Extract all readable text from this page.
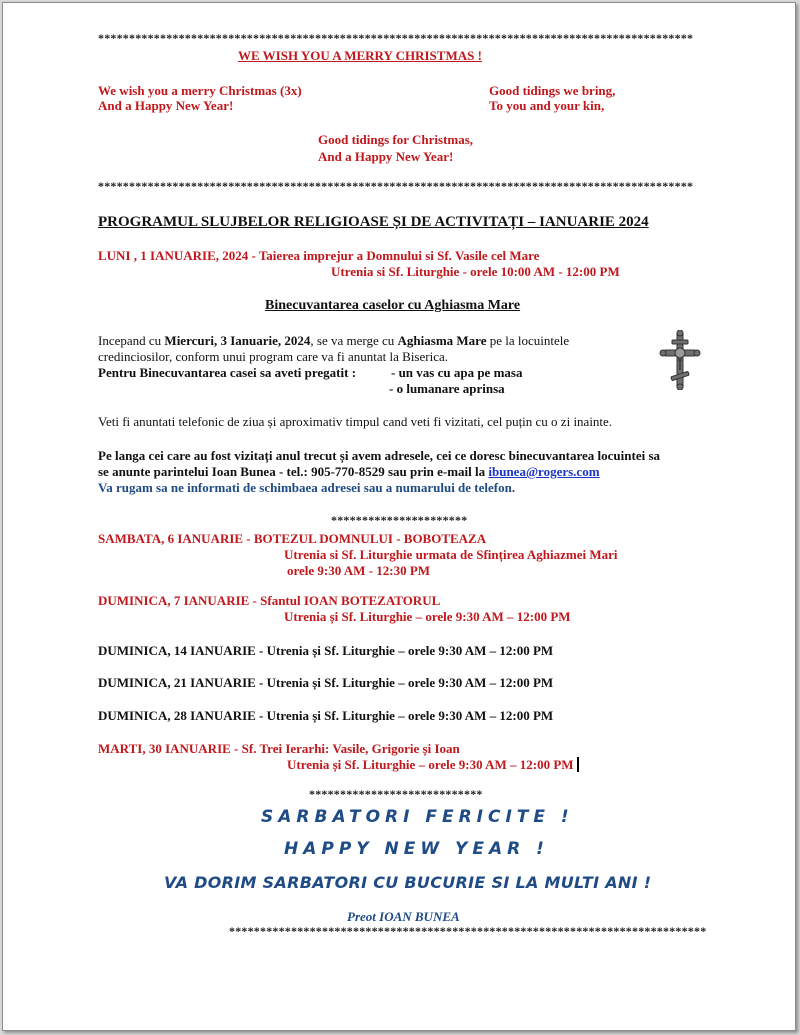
************************************************************************************************
WE WISH YOU A MERRY CHRISTMAS !
We wish you a merry Christmas (3x)
And a Happy New Year!
Good tidings we bring,
To you and your kin,
Good tidings for Christmas,
And a Happy New Year!
************************************************************************************************
PROGRAMUL SLUJBELOR RELIGIOASE ȘI DE ACTIVITAȚI – IANUARIE 2024
LUNI , 1 IANUARIE, 2024 - Taierea imprejur a Domnului si Sf. Vasile cel Mare
Utrenia si Sf. Liturghie - orele 10:00 AM - 12:00 PM
Binecuvantarea caselor cu Aghiasma Mare
Incepand cu Miercuri, 3 Ianuarie, 2024, se va merge cu Aghiasma Mare pe la locuintele
credinciosilor, conform unui program care va fi anuntat la Biserica.
Pentru Binecuvantarea casei sa aveti pregatit :	- un vas cu apa pe masa
- o lumanare aprinsa
Veti fi anuntati telefonic de ziua și aproximativ timpul cand veti fi vizitati, cel puțin cu o zi inainte.
Pe langa cei care au fost vizitați anul trecut și avem adresele, cei ce doresc binecuvantarea locuintei sa
se anunte parintelui Ioan Bunea - tel.: 905-770-8529 sau prin e-mail la ibunea@rogers.com
Va rugam sa ne informati de schimbaea adresei sau a numarului de telefon.
**********************
SAMBATA, 6 IANUARIE - BOTEZUL DOMNULUI - BOBOTEAZA
Utrenia si Sf. Liturghie urmata de Sfințirea Aghiazmei Mari
orele 9:30 AM - 12:30 PM
DUMINICA, 7 IANUARIE - Sfantul IOAN BOTEZATORUL
Utrenia și Sf. Liturghie – orele 9:30 AM – 12:00 PM
DUMINICA, 14 IANUARIE - Utrenia și Sf. Liturghie – orele 9:30 AM – 12:00 PM
DUMINICA, 21 IANUARIE - Utrenia și Sf. Liturghie – orele 9:30 AM – 12:00 PM
DUMINICA, 28 IANUARIE - Utrenia și Sf. Liturghie – orele 9:30 AM – 12:00 PM
MARTI, 30 IANUARIE - Sf. Trei Ierarhi: Vasile, Grigorie și Ioan
Utrenia și Sf. Liturghie – orele 9:30 AM – 12:00 PM
****************************
SARBATORI FERICITE !
HAPPY NEW YEAR !
VA DORIM SARBATORI CU BUCURIE SI LA MULTI ANI !
Preot IOAN BUNEA
*****************************************************************************
